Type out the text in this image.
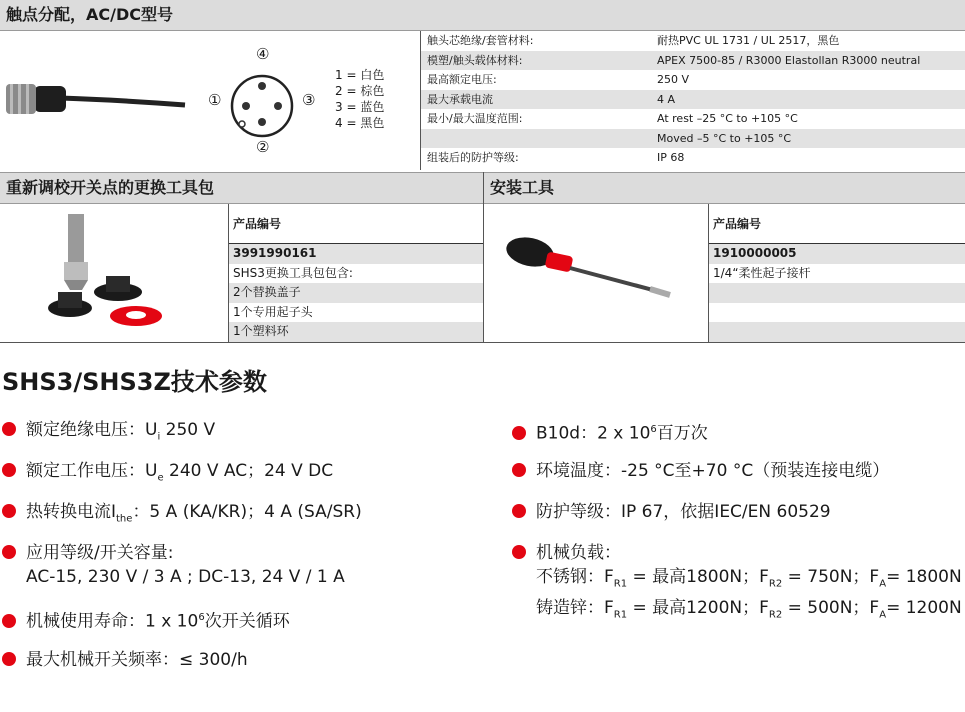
触点分配，AC/DC型号
④
①	③
②
1 = 白色
2 = 棕色
3 = 蓝色
4 = 黑色
触头芯绝缘/套管材料:	耐热PVC UL 1731 / UL 2517，黑色
模塑/触头载体材料:	APEX 7500-85 / R3000 Elastollan R3000 neutral
最高额定电压:	250 V
最大承载电流	4 A
最小/最大温度范围:	At rest –25 °C to +105 °C
Moved –5 °C to +105 °C
组装后的防护等级:	IP 68
重新调校开关点的更换工具包	安装工具
产品编号
3991990161
SHS3更换工具包包含:
2个替换盖子
1个专用起子头
1个塑料环
产品编号
1910000005
1/4“柔性起子接杆
SHS3/SHS3Z技术参数
额定绝缘电压：$U_i$ 250 V
额定工作电压：$U_e$ 240 V AC；24 V DC
热转换电流$I_{the}$：5 A (KA/KR)；4 A (SA/SR)
应用等级/开关容量:
AC-15, 230 V / 3 A ; DC-13, 24 V / 1 A
机械使用寿命：1 x $10^6$次开关循环
最大机械开关频率：≤ 300/h
B10d：2 x $10^6$百万次
环境温度：-25 °C至+70 °C（预装连接电缆）
防护等级：IP 67，依据IEC/EN 60529
机械负载：
不锈钢：$F_{R1}$ = 最高1800N；$F_{R2} = 750N$；$F_A= 1800N$
铸造锌：$F_{R1}$ = 最高1200N；$F_{R2} = 500N$；$F_A= 1200N$
